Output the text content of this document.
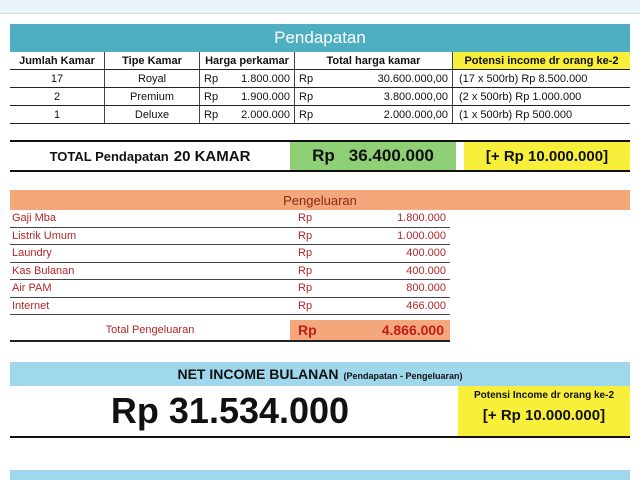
Pendapatan
Jumlah Kamar	Tipe Kamar	Harga perkamar	Total harga kamar	Potensi income dr orang ke-2
17	Royal	Rp 1.800.000 Rp	30.600.000,00	(17 x 500rb) Rp 8.500.000
2	Premium	Rp 1.900.000 Rp	3.800.000,00	(2 x 500rb) Rp 1.000.000
1	Deluxe	Rp 2.000.000 Rp	2.000.000,00	(1 x 500rb) Rp 500.000
TOTAL Pendapatan 20 KAMAR	Rp 36.400.000	[+ Rp 10.000.000]
Pengeluaran
Gaji Mba	Rp	1.800.000
Listrik Umum	Rp	1.000.000
Laundry	Rp	400.000
Kas Bulanan	Rp	400.000
Air PAM	Rp	800.000
Internet	Rp	466.000
Total Pengeluaran	Rp	4.866.000
NET INCOME BULANAN (Pendapatan - Pengeluaran)
Rp 31.534.000	Potensi Income dr orang ke-2
[+ Rp 10.000.000]
